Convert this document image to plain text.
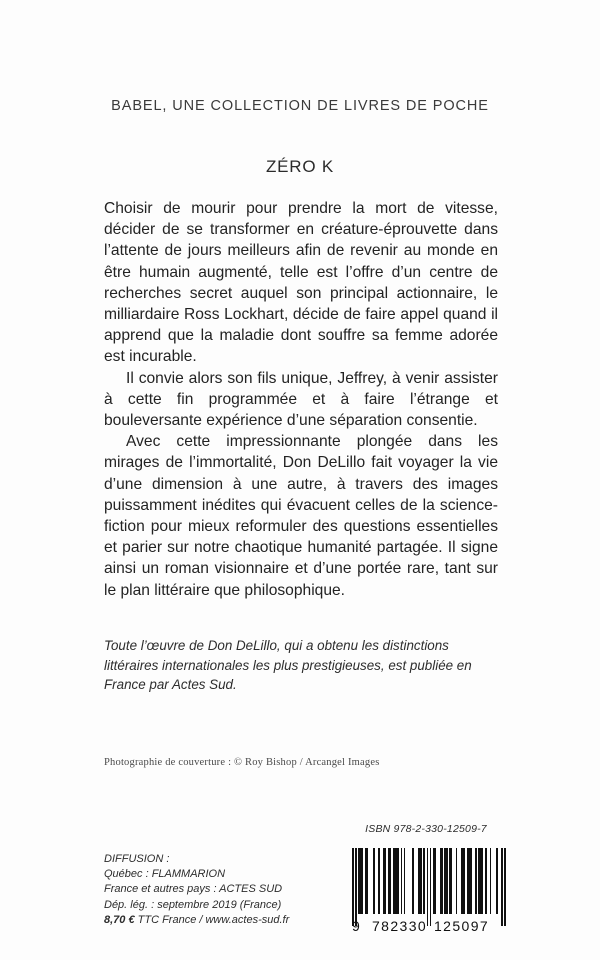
BABEL, UNE COLLECTION DE LIVRES DE POCHE
ZÉRO K

Choisir de mourir pour prendre la mort de vitesse, décider de se transformer en créature-éprouvette dans l’attente de jours meilleurs afin de revenir au monde en être humain augmenté, telle est l’offre d’un centre de recherches secret auquel son principal actionnaire, le milliardaire Ross Lockhart, décide de faire appel quand il apprend que la maladie dont souffre sa femme adorée est incurable.

Il convie alors son fils unique, Jeffrey, à venir assister à cette fin programmée et à faire l’étrange et bouleversante expérience d’une séparation consentie.

Avec cette impressionnante plongée dans les mirages de l’immortalité, Don DeLillo fait voyager la vie d’une dimension à une autre, à travers des images puissamment inédites qui évacuent celles de la science-fiction pour mieux reformuler des questions essentielles et parier sur notre chaotique humanité partagée. Il signe ainsi un roman visionnaire et d’une portée rare, tant sur le plan littéraire que philosophique.

Toute l’œuvre de Don DeLillo, qui a obtenu les distinctions littéraires internationales les plus prestigieuses, est publiée en France par Actes Sud.
Photographie de couverture : © Roy Bishop / Arcangel Images
DIFFUSION :
Québec : FLAMMARION
France et autres pays : ACTES SUD
Dép. lég. : septembre 2019 (France)
8,70 € TTC France / www.actes-sud.fr
ISBN 978-2-330-12509-7
9 782330 125097
